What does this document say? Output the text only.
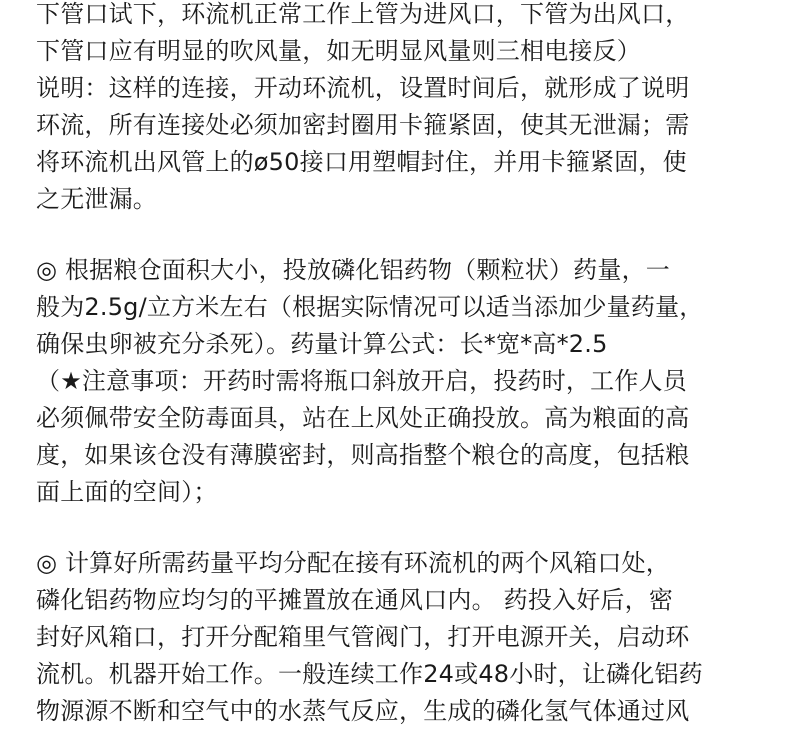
下管口试下，环流机正常工作上管为进风口，下管为出风口，
下管口应有明显的吹风量，如无明显风量则三相电接反）
说明：这样的连接，开动环流机，设置时间后，就形成了说明
环流，所有连接处必须加密封圈用卡箍紧固，使其无泄漏；需
将环流机出风管上的ø50接口用塑帽封住，并用卡箍紧固，使
之无泄漏。
◎ 根据粮仓面积大小，投放磷化铝药物（颗粒状）药量，一
般为2.5g/立方米左右（根据实际情况可以适当添加少量药量，
确保虫卵被充分杀死）。药量计算公式：长*宽*高*2.5
（★注意事项：开药时需将瓶口斜放开启，投药时，工作人员
必须佩带安全防毒面具，站在上风处正确投放。高为粮面的高
度，如果该仓没有薄膜密封，则高指整个粮仓的高度，包括粮
面上面的空间）；
◎ 计算好所需药量平均分配在接有环流机的两个风箱口处，
磷化铝药物应均匀的平摊置放在通风口内。 药投入好后，密
封好风箱口，打开分配箱里气管阀门，打开电源开关，启动环
流机。机器开始工作。一般连续工作24或48小时，让磷化铝药
物源源不断和空气中的水蒸气反应，生成的磷化氢气体通过风
